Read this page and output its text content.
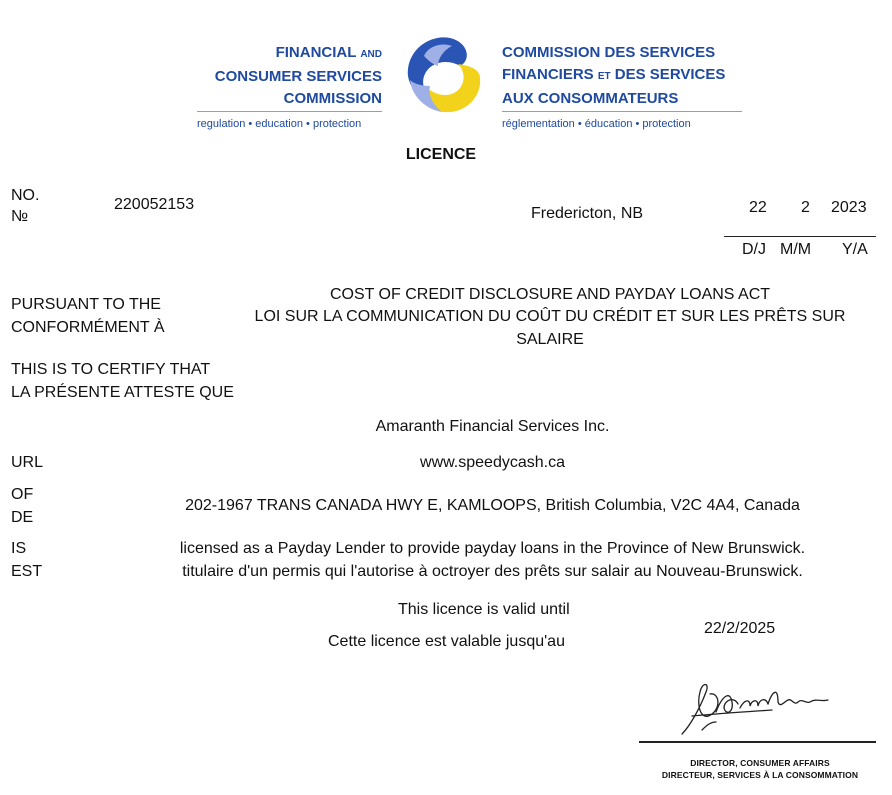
FINANCIAL AND
CONSUMER SERVICES
COMMISSION
regulation • education • protection
COMMISSION DES SERVICES
FINANCIERS ET DES SERVICES
AUX CONSOMMATEURS
réglementation • éducation • protection
LICENCE
NO.
№
220052153
Fredericton, NB	22 2 2023
D/J M/M Y/A
PURSUANT TO THE
CONFORMÉMENT À
COST OF CREDIT DISCLOSURE AND PAYDAY LOANS ACT
LOI SUR LA COMMUNICATION DU COÛT DU CRÉDIT ET SUR LES PRÊTS SUR
SALAIRE
THIS IS TO CERTIFY THAT
LA PRÉSENTE ATTESTE QUE
Amaranth Financial Services Inc.
URL	www.speedycash.ca
OF
DE
202-1967 TRANS CANADA HWY E, KAMLOOPS, British Columbia, V2C 4A4, Canada
IS
EST
licensed as a Payday Lender to provide payday loans in the Province of New Brunswick.
titulaire d'un permis qui l'autorise à octroyer des prêts sur salair au Nouveau-Brunswick.
This licence is valid until
Cette licence est valable jusqu'au
22/2/2025
DIRECTOR, CONSUMER AFFAIRS
DIRECTEUR, SERVICES À LA CONSOMMATION
